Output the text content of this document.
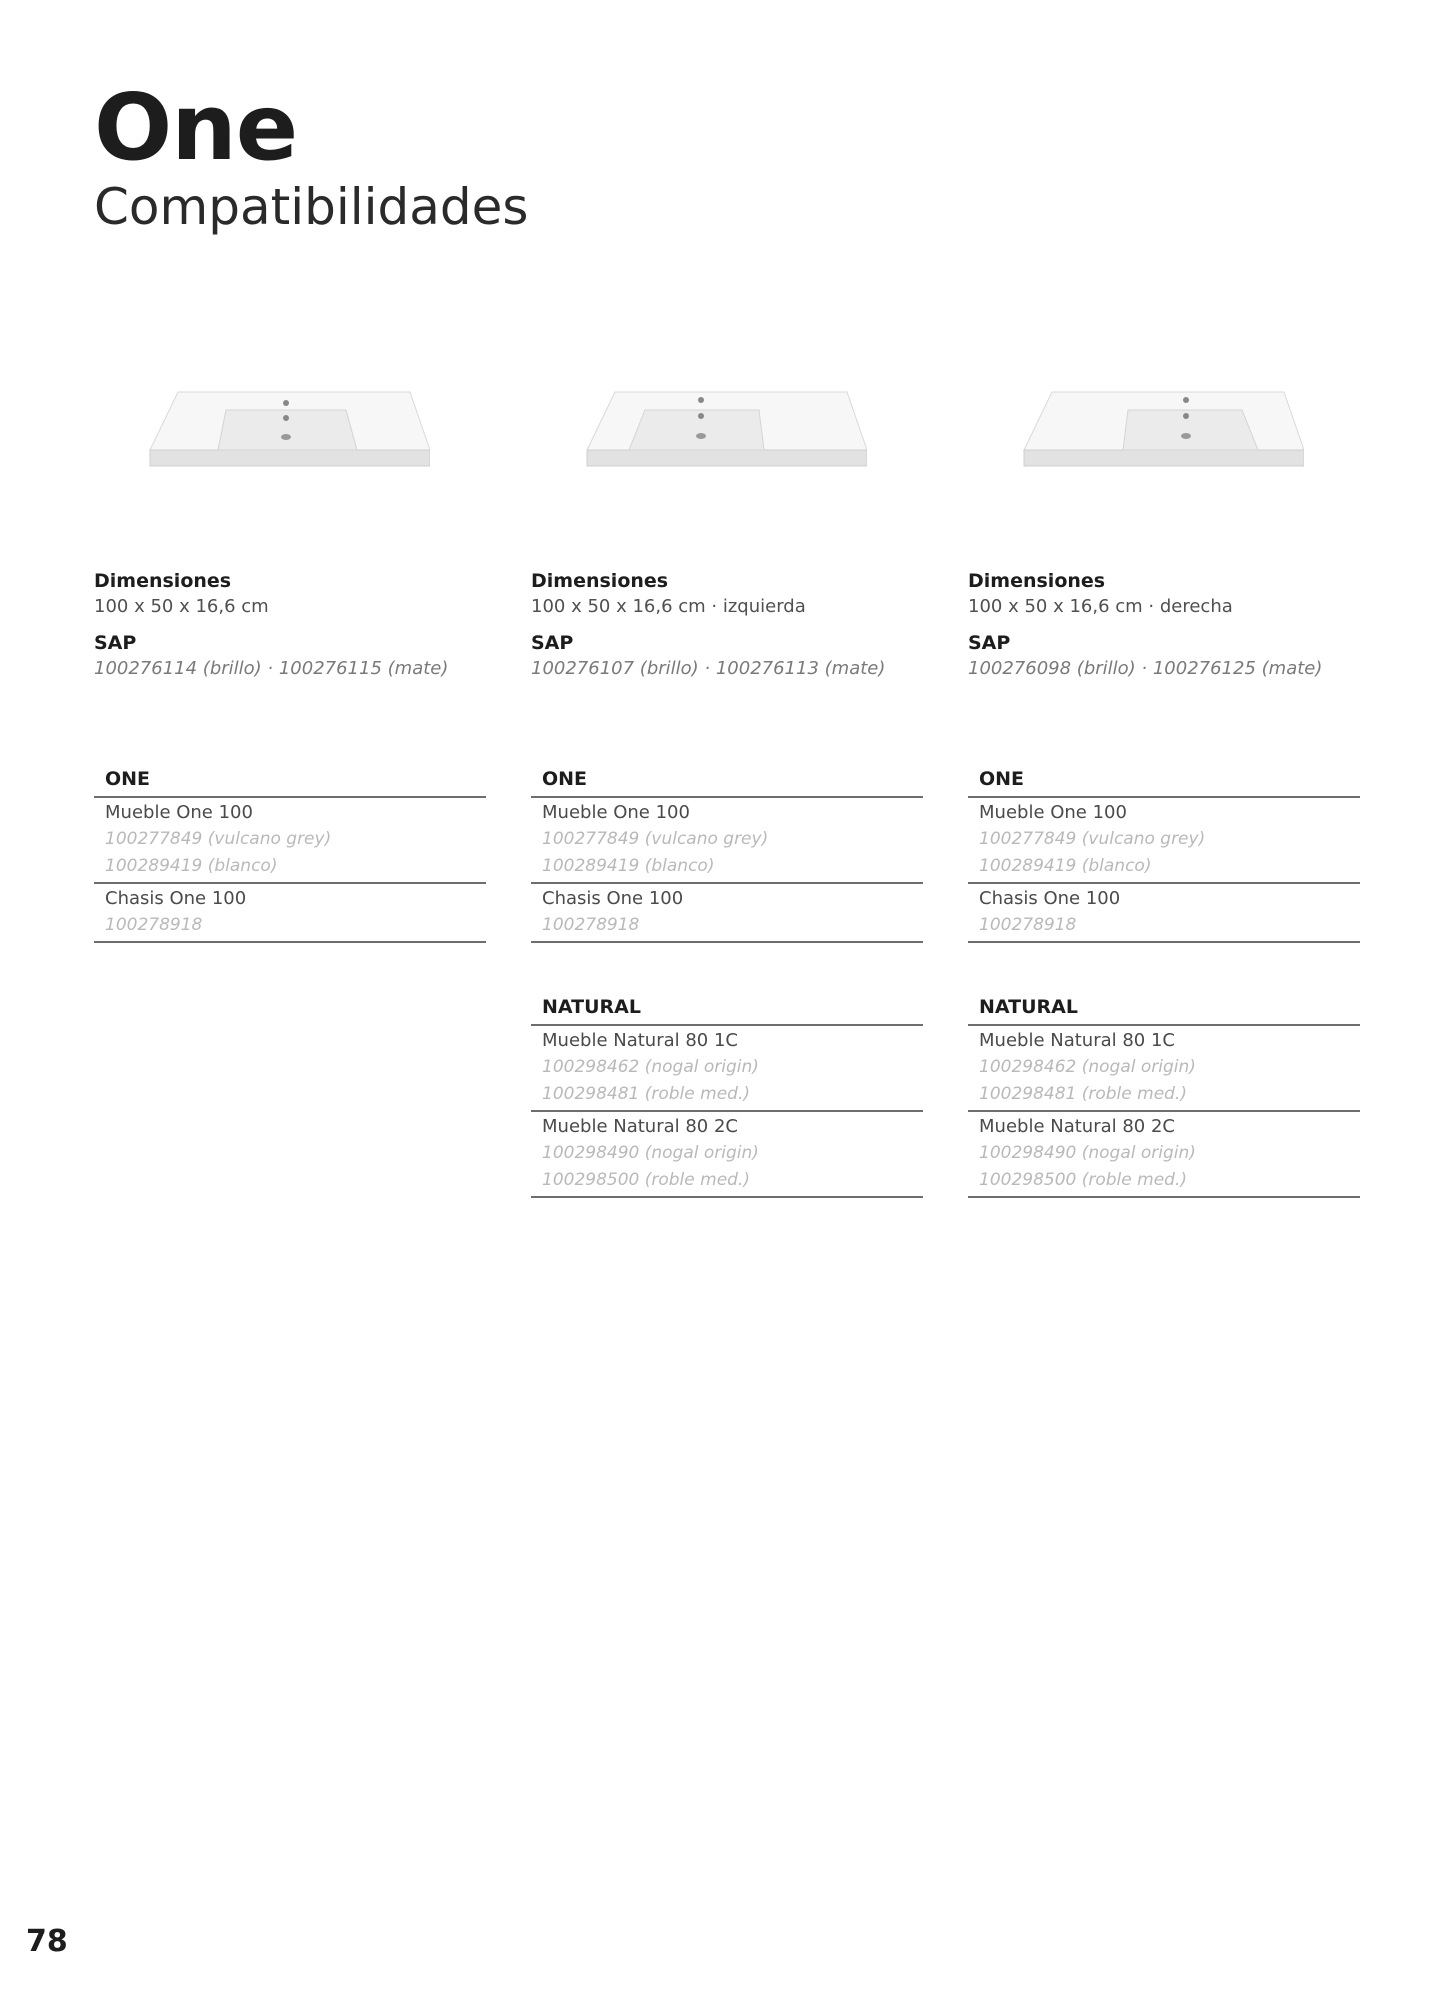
One
Compatibilidades
Dimensiones
100 x 50 x 16,6 cm
SAP
100276114 (brillo) · 100276115 (mate)
ONE
Mueble One 100
100277849 (vulcano grey)
100289419 (blanco)
Chasis One 100
100278918
Dimensiones
100 x 50 x 16,6 cm · izquierda
SAP
100276107 (brillo) · 100276113 (mate)
ONE
Mueble One 100
100277849 (vulcano grey)
100289419 (blanco)
Chasis One 100
100278918
NATURAL
Mueble Natural 80 1C
100298462 (nogal origin)
100298481 (roble med.)
Mueble Natural 80 2C
100298490 (nogal origin)
100298500 (roble med.)
Dimensiones
100 x 50 x 16,6 cm · derecha
SAP
100276098 (brillo) · 100276125 (mate)
ONE
Mueble One 100
100277849 (vulcano grey)
100289419 (blanco)
Chasis One 100
100278918
NATURAL
Mueble Natural 80 1C
100298462 (nogal origin)
100298481 (roble med.)
Mueble Natural 80 2C
100298490 (nogal origin)
100298500 (roble med.)
78
